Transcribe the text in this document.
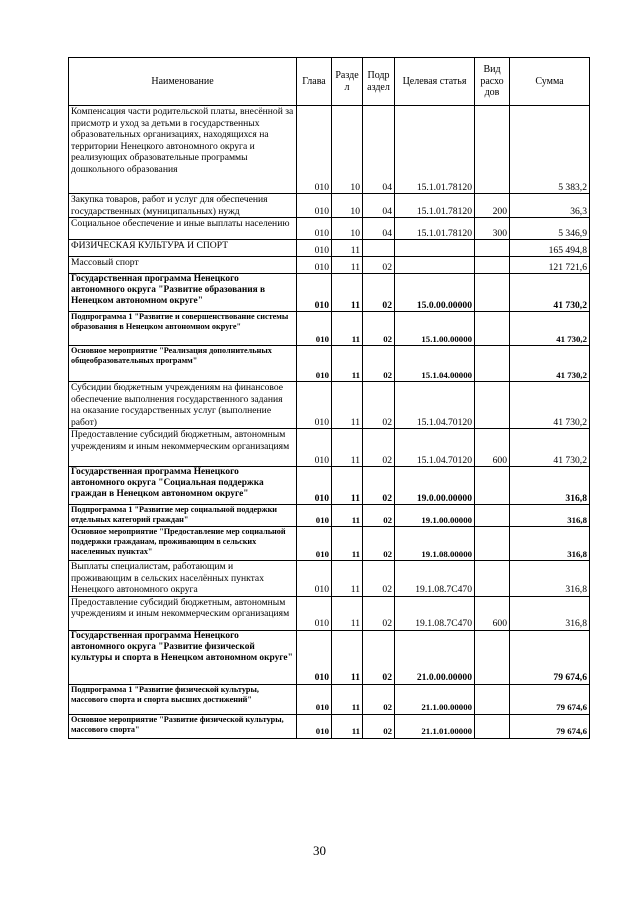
Наименование	Глава	Разде л	Подр аздел	Целевая статья	Вид расхо дов	Сумма
Компенсация части родительской платы, внесённой за присмотр и уход за детьми в государственных образовательных организациях, находящихся на территории Ненецкого автономного округа и реализующих образовательные программы дошкольного образования	010	10	04	15.1.01.78120		5 383,2
Закупка товаров, работ и услуг для обеспечения государственных (муниципальных) нужд	010	10	04	15.1.01.78120	200	36,3
Социальное обеспечение и иные выплаты населению	010	10	04	15.1.01.78120	300	5 346,9
ФИЗИЧЕСКАЯ КУЛЬТУРА И СПОРТ	010	11				165 494,8
Массовый спорт	010	11	02			121 721,6
Государственная программа Ненецкого автономного округа "Развитие образования в Ненецком автономном округе"	010	11	02	15.0.00.00000		41 730,2
Подпрограмма 1 "Развитие и совершенствование системы образования в Ненецком автономном округе"	010	11	02	15.1.00.00000		41 730,2
Основное мероприятие "Реализация дополнительных общеобразовательных программ"	010	11	02	15.1.04.00000		41 730,2
Субсидии бюджетным учреждениям на финансовое обеспечение выполнения государственного задания на оказание государственных услуг (выполнение работ)	010	11	02	15.1.04.70120		41 730,2
Предоставление субсидий бюджетным, автономным учреждениям и иным некоммерческим организациям	010	11	02	15.1.04.70120	600	41 730,2
Государственная программа Ненецкого автономного округа "Социальная поддержка граждан в Ненецком автономном округе"	010	11	02	19.0.00.00000		316,8
Подпрограмма 1 "Развитие мер социальной поддержки отдельных категорий граждан"	010	11	02	19.1.00.00000		316,8
Основное мероприятие "Предоставление мер социальной поддержки гражданам, проживающим в сельских населенных пунктах"	010	11	02	19.1.08.00000		316,8
Выплаты специалистам, работающим и проживающим в сельских населённых пунктах Ненецкого автономного округа	010	11	02	19.1.08.7С470		316,8
Предоставление субсидий бюджетным, автономным учреждениям и иным некоммерческим организациям	010	11	02	19.1.08.7С470	600	316,8
Государственная программа Ненецкого автономного округа "Развитие физической культуры и спорта в Ненецком автономном округе"	010	11	02	21.0.00.00000		79 674,6
Подпрограмма 1 "Развитие физической культуры, массового спорта и спорта высших достижений"	010	11	02	21.1.00.00000		79 674,6
Основное мероприятие "Развитие физической культуры, массового спорта"	010	11	02	21.1.01.00000		79 674,6
30
